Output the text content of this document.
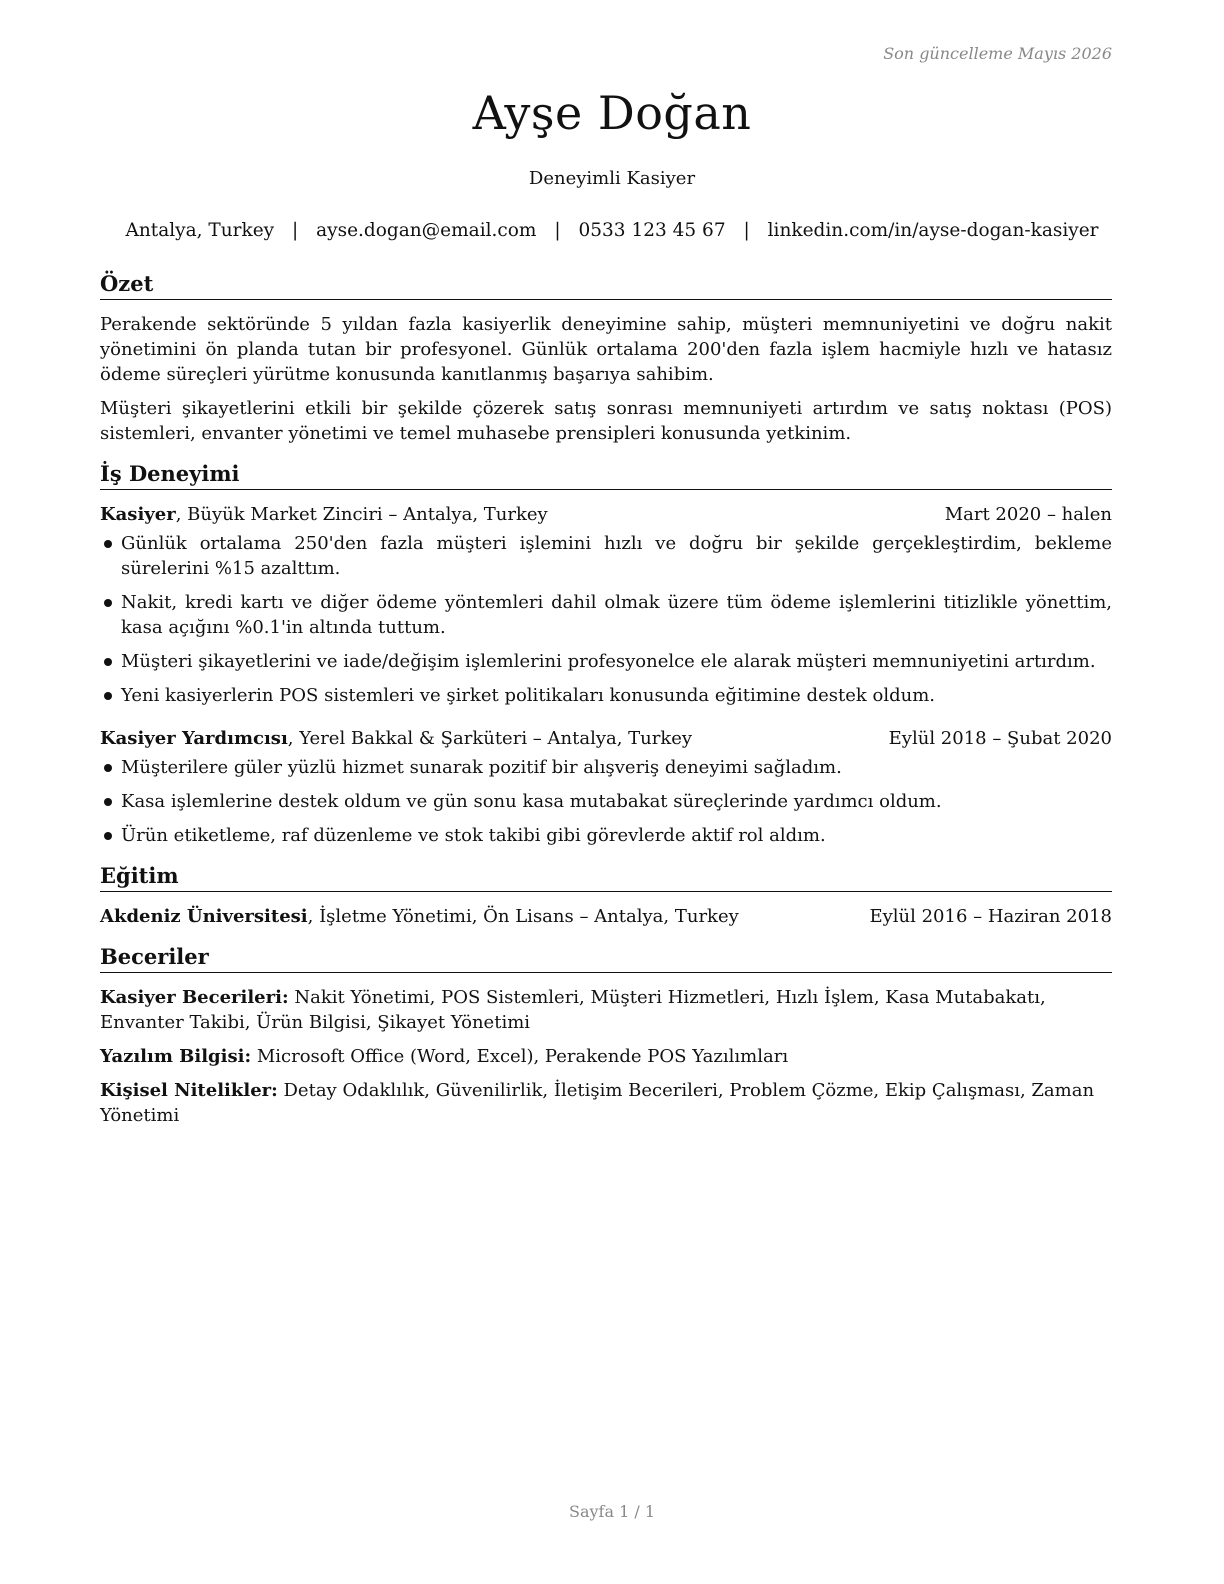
Son güncelleme Mayıs 2026
Ayşe Doğan
Deneyimli Kasiyer
Antalya, Turkey | ayse.dogan@email.com | 0533 123 45 67 | linkedin.com/in/ayse-dogan-kasiyer
Özet

Perakende sektöründe 5 yıldan fazla kasiyerlik deneyimine sahip, müşteri memnuniyetini ve doğru nakit yönetimini ön planda tutan bir profesyonel. Günlük ortalama 200'den fazla işlem hacmiyle hızlı ve hatasız ödeme süreçleri yürütme konusunda kanıtlanmış başarıya sahibim.

Müşteri şikayetlerini etkili bir şekilde çözerek satış sonrası memnuniyeti artırdım ve satış noktası (POS) sistemleri, envanter yönetimi ve temel muhasebe prensipleri konusunda yetkinim.

İş Deneyimi
Kasiyer, Büyük Market Zinciri – Antalya, Turkey	Mart 2020 – halen
Günlük ortalama 250'den fazla müşteri işlemini hızlı ve doğru bir şekilde gerçekleştirdim, bekleme sürelerini %15 azalttım.
Nakit, kredi kartı ve diğer ödeme yöntemleri dahil olmak üzere tüm ödeme işlemlerini titizlikle yönettim, kasa açığını %0.1'in altında tuttum.
Müşteri şikayetlerini ve iade/değişim işlemlerini profesyonelce ele alarak müşteri memnuniyetini artırdım.
Yeni kasiyerlerin POS sistemleri ve şirket politikaları konusunda eğitimine destek oldum.
Kasiyer Yardımcısı, Yerel Bakkal & Şarküteri – Antalya, Turkey	Eylül 2018 – Şubat 2020
Müşterilere güler yüzlü hizmet sunarak pozitif bir alışveriş deneyimi sağladım.
Kasa işlemlerine destek oldum ve gün sonu kasa mutabakat süreçlerinde yardımcı oldum.
Ürün etiketleme, raf düzenleme ve stok takibi gibi görevlerde aktif rol aldım.
Eğitim
Akdeniz Üniversitesi, İşletme Yönetimi, Ön Lisans – Antalya, Turkey	Eylül 2016 – Haziran 2018
Beceriler
Kasiyer Becerileri: Nakit Yönetimi, POS Sistemleri, Müşteri Hizmetleri, Hızlı İşlem, Kasa Mutabakatı, Envanter Takibi, Ürün Bilgisi, Şikayet Yönetimi
Yazılım Bilgisi: Microsoft Office (Word, Excel), Perakende POS Yazılımları
Kişisel Nitelikler: Detay Odaklılık, Güvenilirlik, İletişim Becerileri, Problem Çözme, Ekip Çalışması, Zaman Yönetimi
Sayfa 1 / 1
